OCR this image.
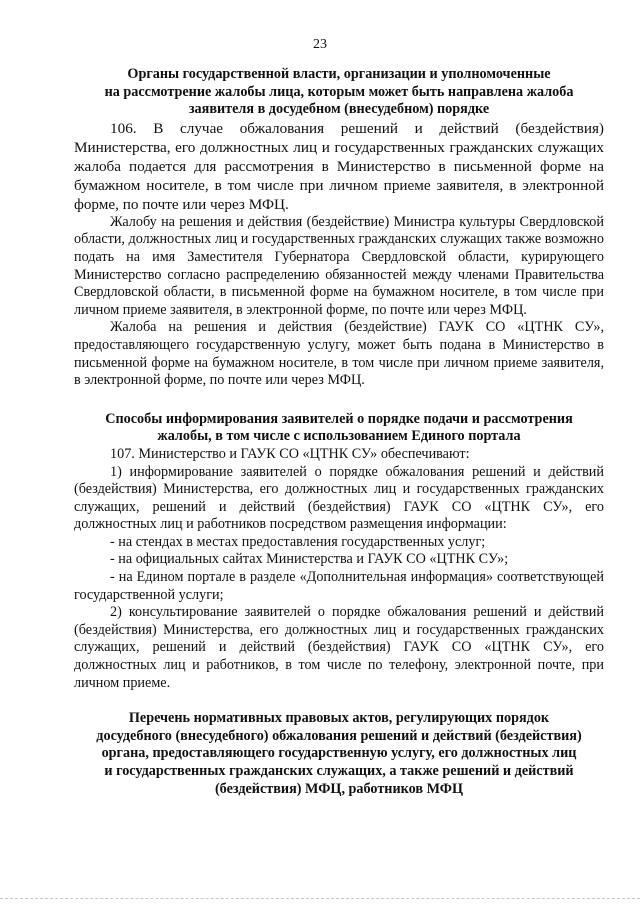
23
Органы государственной власти, организации и уполномоченные
на рассмотрение жалобы лица, которым может быть направлена жалоба
заявителя в досудебном (внесудебном) порядке

106. В случае обжалования решений и действий (бездействия) Министерства, его должностных лиц и государственных гражданских служащих жалоба подается для рассмотрения в Министерство в письменной форме на бумажном носителе, в том числе при личном приеме заявителя, в электронной форме, по почте или через МФЦ.

Жалобу на решения и действия (бездействие) Министра культуры Свердловской области, должностных лиц и государственных гражданских служащих также возможно подать на имя Заместителя Губернатора Свердловской области, курирующего Министерство согласно распределению обязанностей между членами Правительства Свердловской области, в письменной форме на бумажном носителе, в том числе при личном приеме заявителя, в электронной форме, по почте или через МФЦ.

Жалоба на решения и действия (бездействие) ГАУК СО «ЦТНК СУ», предоставляющего государственную услугу, может быть подана в Министерство в письменной форме на бумажном носителе, в том числе при личном приеме заявителя, в электронной форме, по почте или через МФЦ.

Способы информирования заявителей о порядке подачи и рассмотрения
жалобы, в том числе с использованием Единого портала

107. Министерство и ГАУК СО «ЦТНК СУ» обеспечивают:

1) информирование заявителей о порядке обжалования решений и действий (бездействия) Министерства, его должностных лиц и государственных гражданских служащих, решений и действий (бездействия) ГАУК СО «ЦТНК СУ», его должностных лиц и работников посредством размещения информации:

- на стендах в местах предоставления государственных услуг;

- на официальных сайтах Министерства и ГАУК СО «ЦТНК СУ»;

- на Едином портале в разделе «Дополнительная информация» соответствующей государственной услуги;

2) консультирование заявителей о порядке обжалования решений и действий (бездействия) Министерства, его должностных лиц и государственных гражданских служащих, решений и действий (бездействия) ГАУК СО «ЦТНК СУ», его должностных лиц и работников, в том числе по телефону, электронной почте, при личном приеме.

Перечень нормативных правовых актов, регулирующих порядок
досудебного (внесудебного) обжалования решений и действий (бездействия)
органа, предоставляющего государственную услугу, его должностных лиц
и государственных гражданских служащих, а также решений и действий
(бездействия) МФЦ, работников МФЦ
